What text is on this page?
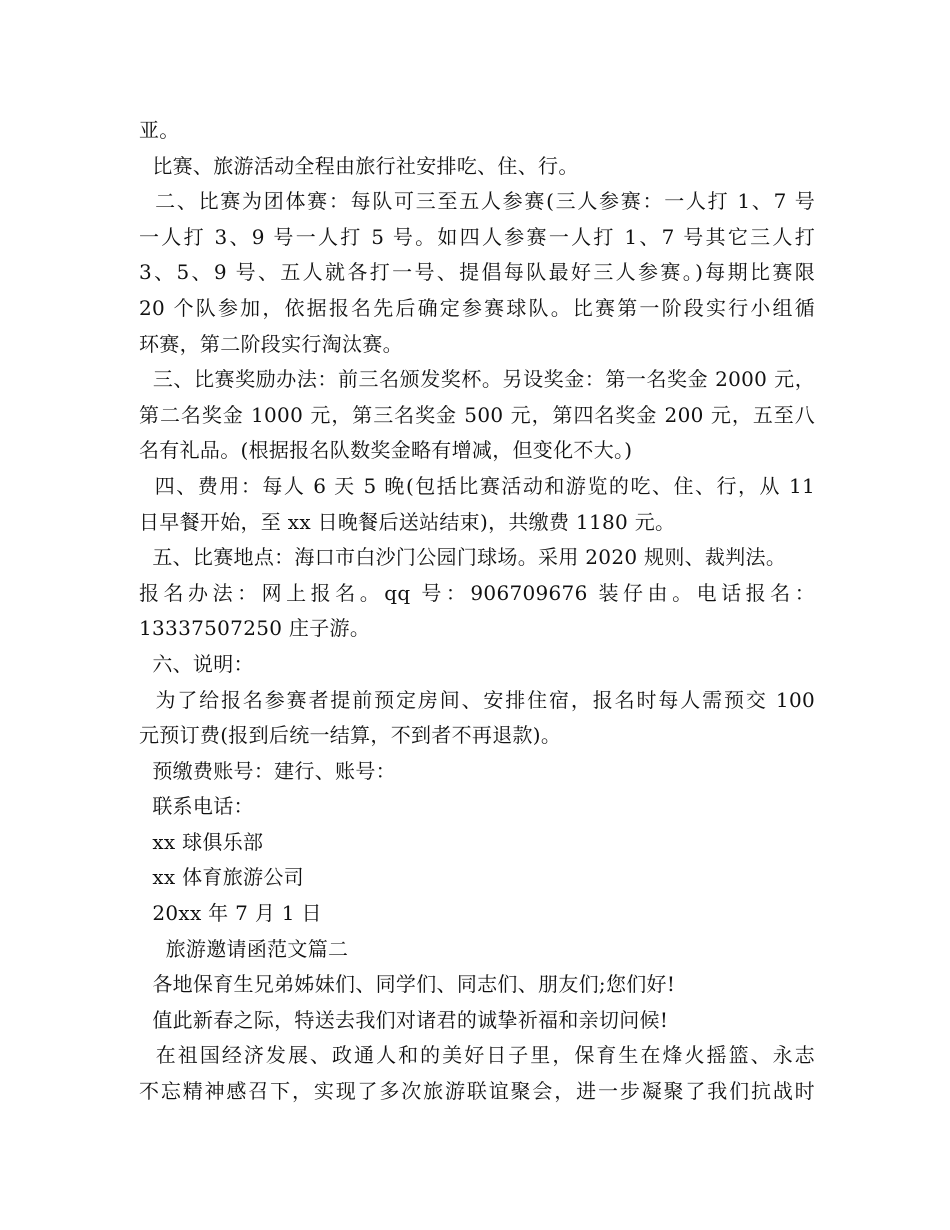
亚。
比赛、旅游活动全程由旅行社安排吃、住、行。
二、比赛为团体赛：每队可三至五人参赛(三人参赛：一人打 1、7 号
一人打 3、9 号一人打 5 号。如四人参赛一人打 1、7 号其它三人打
3、5、9 号、五人就各打一号、提倡每队最好三人参赛。)每期比赛限
20 个队参加，依据报名先后确定参赛球队。比赛第一阶段实行小组循
环赛，第二阶段实行淘汰赛。
三、比赛奖励办法：前三名颁发奖杯。另设奖金：第一名奖金 2000 元，
第二名奖金 1000 元，第三名奖金 500 元，第四名奖金 200 元，五至八
名有礼品。(根据报名队数奖金略有增减，但变化不大。)
四、费用：每人 6 天 5 晚(包括比赛活动和游览的吃、住、行，从 11
日早餐开始，至 xx 日晚餐后送站结束)，共缴费 1180 元。
五、比赛地点：海口市白沙门公园门球场。采用 2020 规则、裁判法。
报名办法：网上报名。qq 号：906709676 装仔由。电话报名：
13337507250 庄子游。
六、说明：
为了给报名参赛者提前预定房间、安排住宿，报名时每人需预交 100
元预订费(报到后统一结算，不到者不再退款)。
预缴费账号：建行、账号：
联系电话：
xx 球俱乐部
xx 体育旅游公司
20xx 年 7 月 1 日
旅游邀请函范文篇二
各地保育生兄弟姊妹们、同学们、同志们、朋友们;您们好!
值此新春之际，特送去我们对诸君的诚挚祈福和亲切问候!
在祖国经济发展、政通人和的美好日子里，保育生在烽火摇篮、永志
不忘精神感召下，实现了多次旅游联谊聚会，进一步凝聚了我们抗战时
